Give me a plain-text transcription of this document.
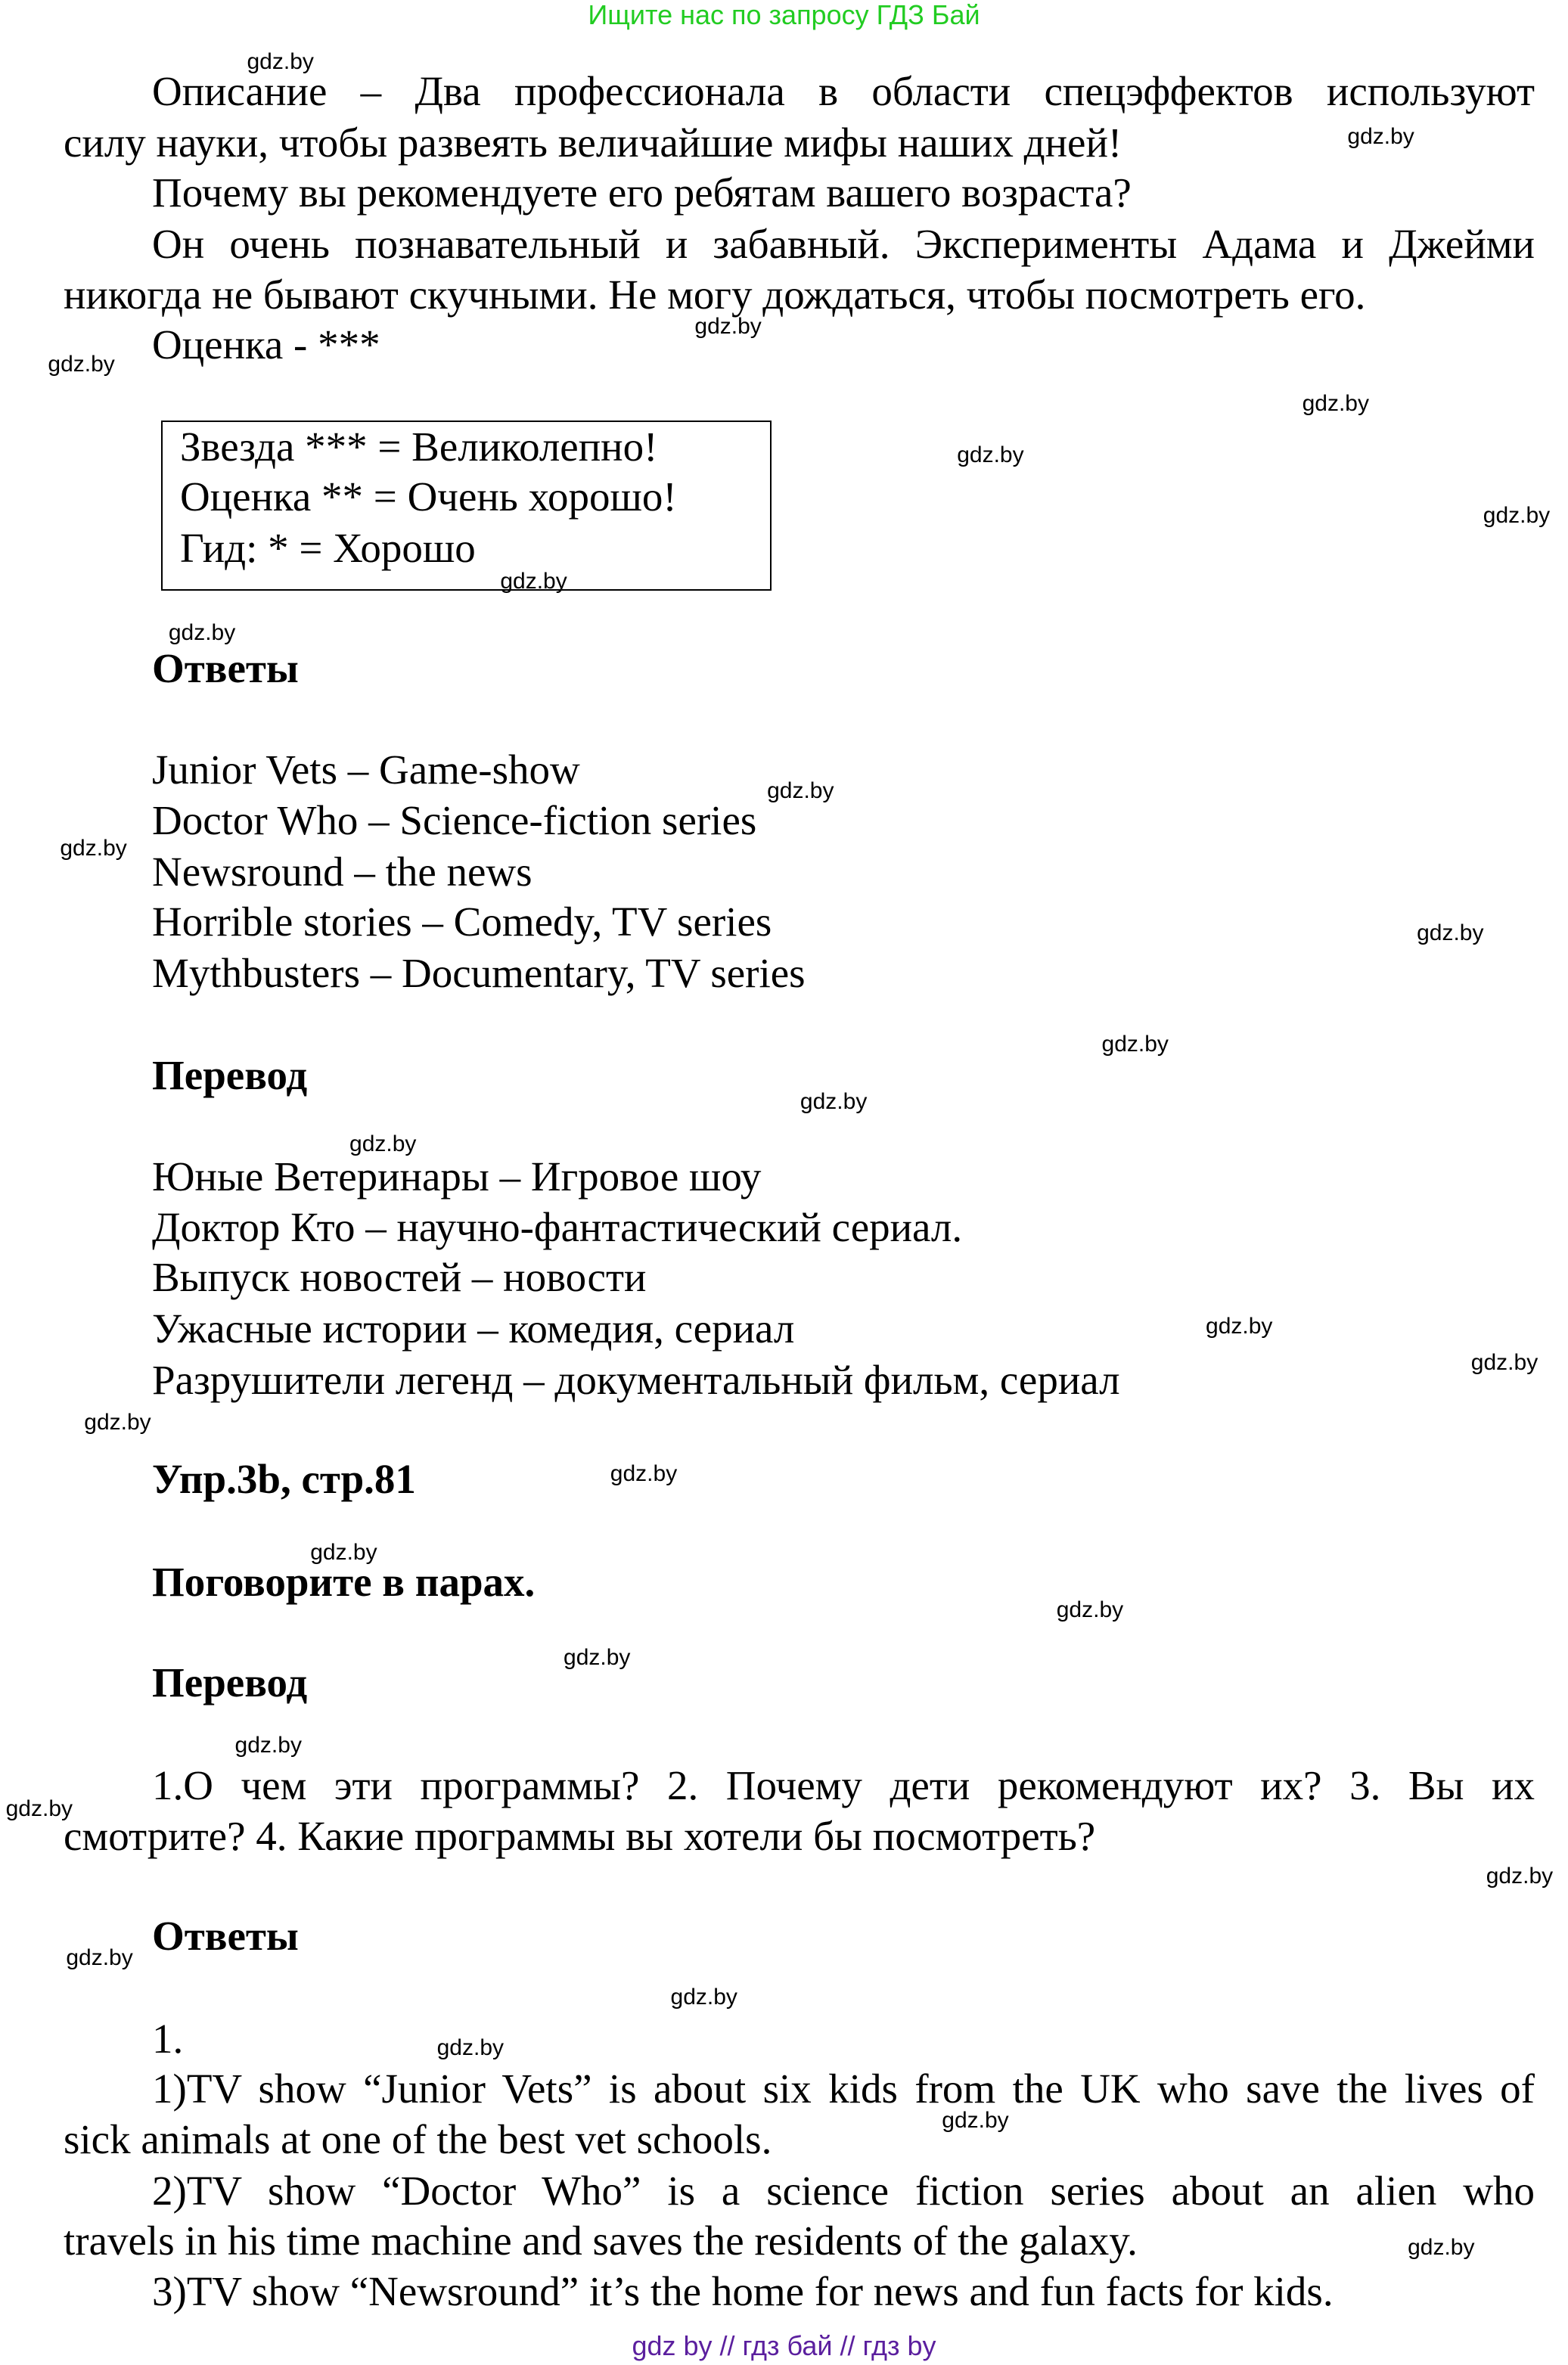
Ищите нас по запросу ГДЗ Бай
Описание – Два профессионала в области спецэффектов используют
силу науки, чтобы развеять величайшие мифы наших дней!
Почему вы рекомендуете его ребятам вашего возраста?
Он очень познавательный и забавный. Эксперименты Адама и Джейми
никогда не бывают скучными. Не могу дождаться, чтобы посмотреть его.
Оценка - ***
Звезда *** = Великолепно!
Оценка ** = Очень хорошо!
Гид: * = Хорошо
Ответы
Junior Vets – Game-show
Doctor Who – Science-fiction series
Newsround – the news
Horrible stories – Comedy, TV series
Mythbusters – Documentary, TV series
Перевод
Юные Ветеринары – Игровое шоу
Доктор Кто – научно-фантастический сериал.
Выпуск новостей – новости
Ужасные истории – комедия, сериал
Разрушители легенд – документальный фильм, сериал
Упр.3b, стр.81
Поговорите в парах.
Перевод
1.О чем эти программы? 2. Почему дети рекомендуют их? 3. Вы их
смотрите? 4. Какие программы вы хотели бы посмотреть?
Ответы
1.
1)TV show “Junior Vets” is about six kids from the UK who save the lives of
sick animals at one of the best vet schools.
2)TV show “Doctor Who” is a science fiction series about an alien who
travels in his time machine and saves the residents of the galaxy.
3)TV show “Newsround” it’s the home for news and fun facts for kids.
gdz.by
gdz.by
gdz.by
gdz.by
gdz.by
gdz.by
gdz.by
gdz.by
gdz.by
gdz.by
gdz.by
gdz.by
gdz.by
gdz.by
gdz.by
gdz.by
gdz.by
gdz.by
gdz.by
gdz.by
gdz.by
gdz.by
gdz.by
gdz.by
gdz.by
gdz.by
gdz.by
gdz.by
gdz.by
gdz.by
gdz by // гдз бай // гдз by
